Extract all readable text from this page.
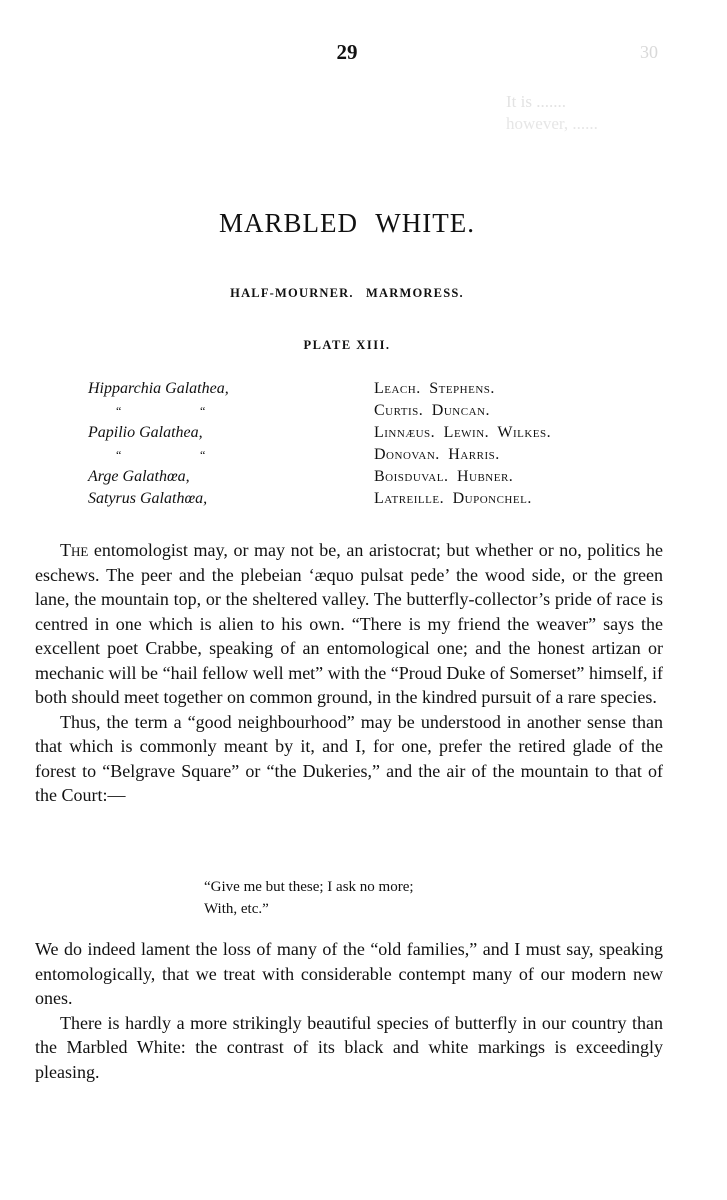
30
It is .......
however, ......
29
MARBLED WHITE.
HALF-MOURNER. MARMORESS.
PLATE XIII.
Hipparchia Galathea,	Leach. Stephens.
“	“	Curtis. Duncan.
Papilio Galathea,	Linnæus. Lewin. Wilkes.
“	“	Donovan. Harris.
Arge Galathœa,	Boisduval. Hubner.
Satyrus Galathœa,	Latreille. Duponchel.

The entomologist may, or may not be, an aristocrat; but whether or no, politics he eschews. The peer and the plebeian ‘æquo pulsat pede’ the wood side, or the green lane, the mountain top, or the sheltered valley. The butterfly-collector’s pride of race is centred in one which is alien to his own. “There is my friend the weaver” says the excellent poet Crabbe, speaking of an entomological one; and the honest artizan or mechanic will be “hail fellow well met” with the “Proud Duke of Somerset” himself, if both should meet together on common ground, in the kindred pursuit of a rare species.

Thus, the term a “good neighbourhood” may be understood in another sense than that which is commonly meant by it, and I, for one, prefer the retired glade of the forest to “Belgrave Square” or “the Dukeries,” and the air of the mountain to that of the Court:—

“Give me but these; I ask no more;
With, etc.”

We do indeed lament the loss of many of the “old families,” and I must say, speaking entomologically, that we treat with considerable contempt many of our modern new ones.

There is hardly a more strikingly beautiful species of butterfly in our country than the Marbled White: the contrast of its black and white markings is exceedingly pleasing.
